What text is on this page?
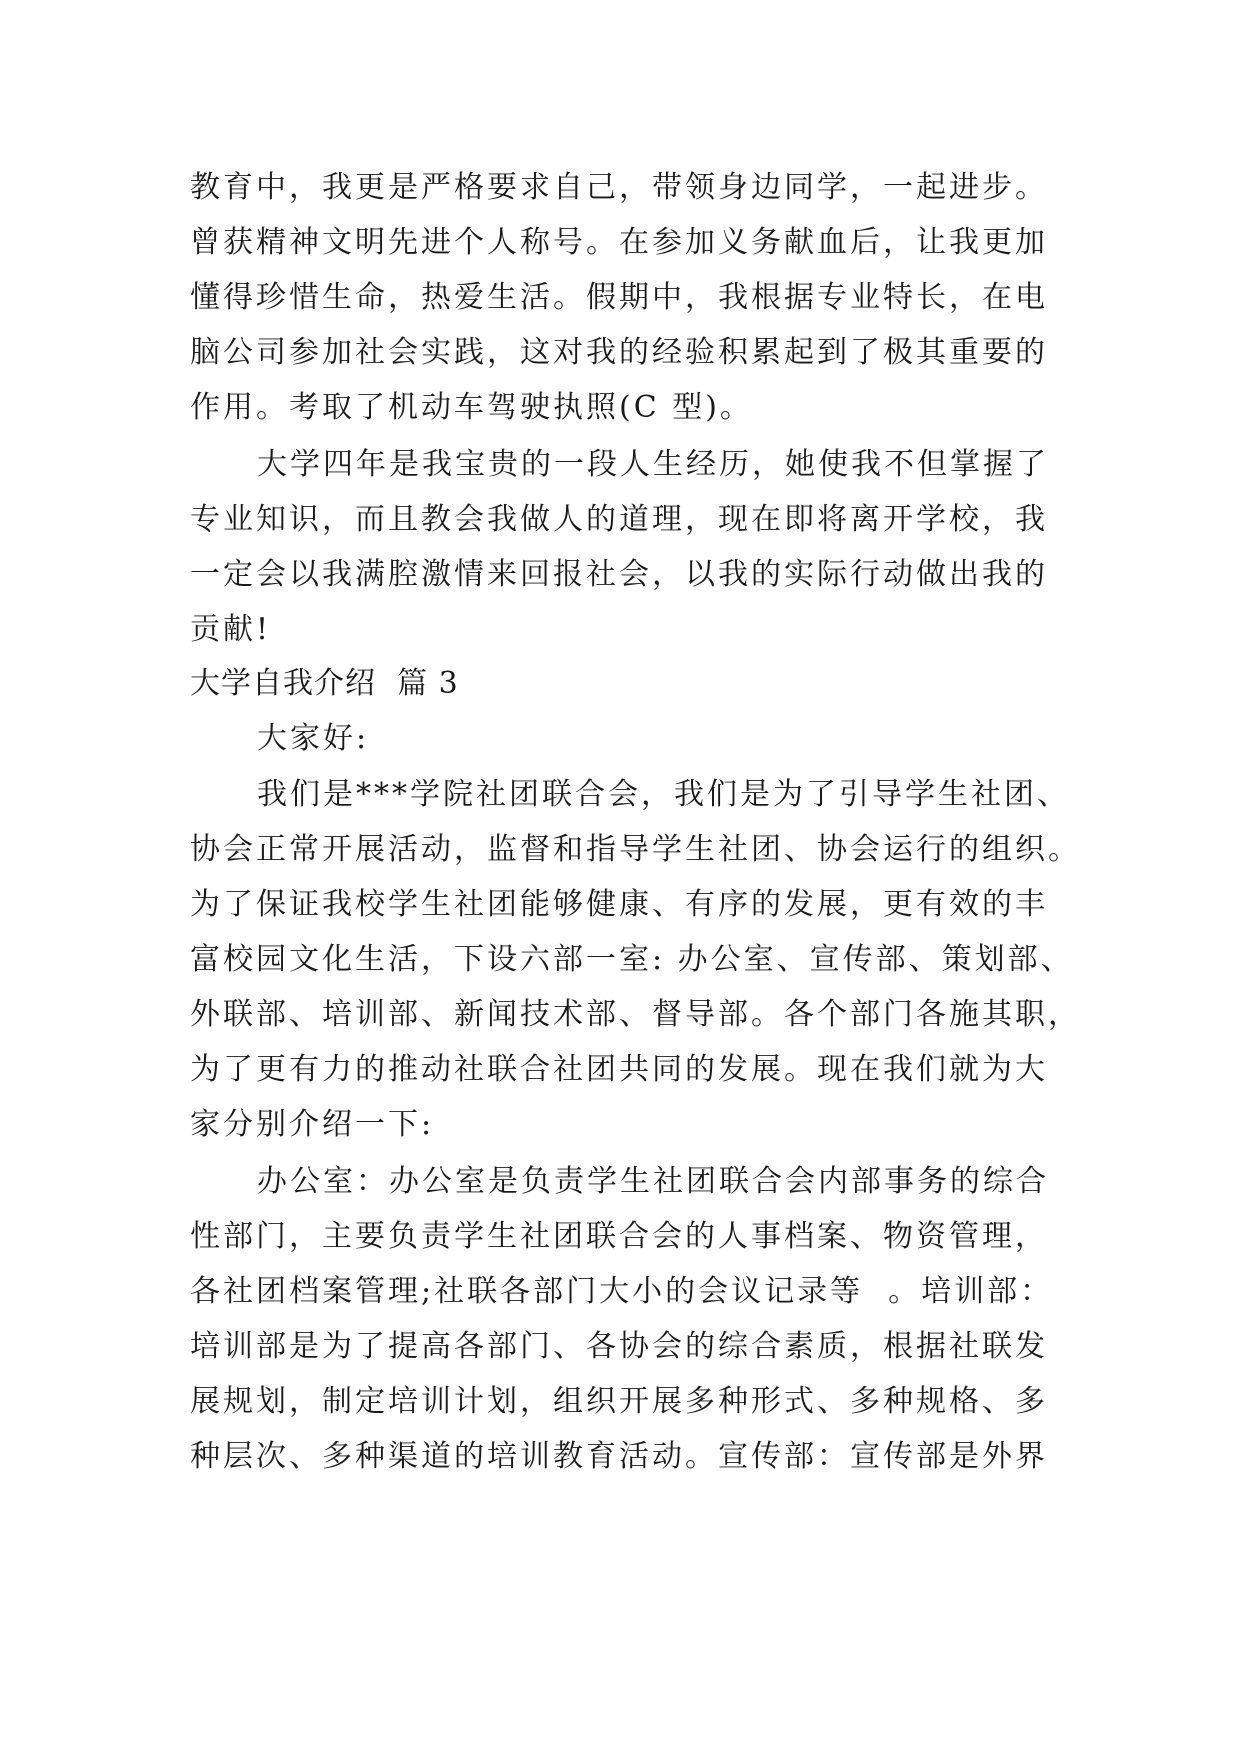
教育中，我更是严格要求自己，带领身边同学，一起进步。
曾获精神文明先进个人称号。在参加义务献血后，让我更加
懂得珍惜生命，热爱生活。假期中，我根据专业特长，在电
脑公司参加社会实践，这对我的经验积累起到了极其重要的
作用。考取了机动车驾驶执照(C 型)。
大学四年是我宝贵的一段人生经历，她使我不但掌握了
专业知识，而且教会我做人的道理，现在即将离开学校，我
一定会以我满腔激情来回报社会，以我的实际行动做出我的
贡献!
大学自我介绍  篇 3
大家好:
我们是***学院社团联合会，我们是为了引导学生社团、
协会正常开展活动，监督和指导学生社团、协会运行的组织。
为了保证我校学生社团能够健康、有序的发展，更有效的丰
富校园文化生活，下设六部一室: 办公室、宣传部、策划部、
外联部、培训部、新闻技术部、督导部。各个部门各施其职，
为了更有力的推动社联合社团共同的发展。现在我们就为大
家分别介绍一下:
办公室：办公室是负责学生社团联合会内部事务的综合
性部门，主要负责学生社团联合会的人事档案、物资管理，
各社团档案管理;社联各部门大小的会议记录等  。培训部：
培训部是为了提高各部门、各协会的综合素质，根据社联发
展规划，制定培训计划，组织开展多种形式、多种规格、多
种层次、多种渠道的培训教育活动。宣传部：宣传部是外界
